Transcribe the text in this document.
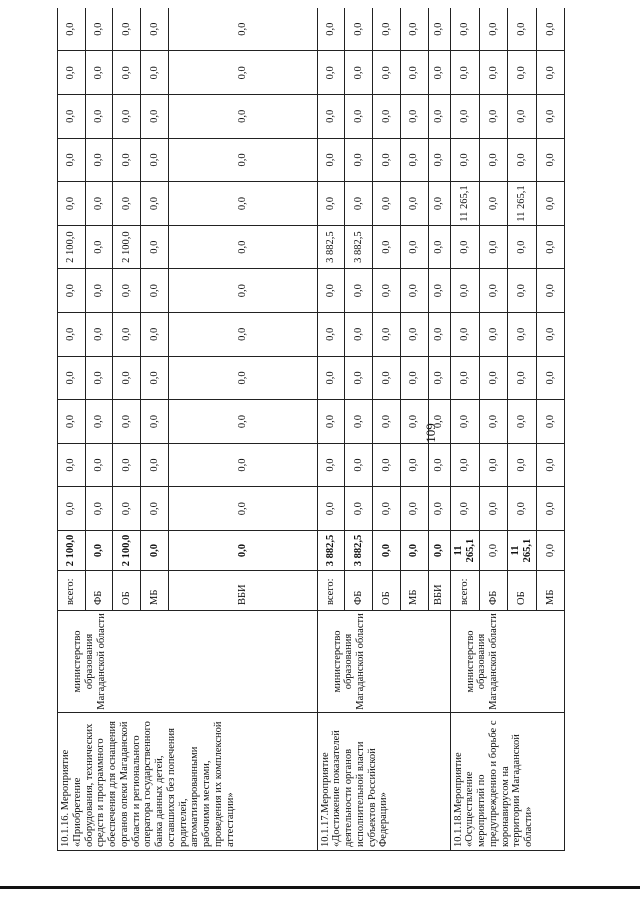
109
10.1.16. Мероприятие «Приобретение оборудования, технических средств и программного обеспечения для оснащения органов опеки Магаданской области и регионального оператора государственного банка данных детей, оставшихся без попечения родителей, автоматизированными рабочими местами, проведения их комплексной аттестации»	министерство образования Магаданской области	всего:	2 100,0	0,0	0,0	0,0	0,0	0,0	0,0	2 100,0	0,0	0,0	0,0	0,0	0,0
		ФБ	0,0	0,0	0,0	0,0	0,0	0,0	0,0	0,0	0,0	0,0	0,0	0,0	0,0
		ОБ	2 100,0	0,0	0,0	0,0	0,0	0,0	0,0	2 100,0	0,0	0,0	0,0	0,0	0,0
		МБ	0,0	0,0	0,0	0,0	0,0	0,0	0,0	0,0	0,0	0,0	0,0	0,0	0,0
		ВБИ	0,0	0,0	0,0	0,0	0,0	0,0	0,0	0,0	0,0	0,0	0,0	0,0	0,0
10.1.17.Мероприятие «Достижение показателей деятельности органов исполнительной власти субъектов Российской Федерации»	министерство образования Магаданской области	всего:	3 882,5	0,0	0,0	0,0	0,0	0,0	0,0	3 882,5	0,0	0,0	0,0	0,0	0,0
		ФБ	3 882,5	0,0	0,0	0,0	0,0	0,0	0,0	3 882,5	0,0	0,0	0,0	0,0	0,0
		ОБ	0,0	0,0	0,0	0,0	0,0	0,0	0,0	0,0	0,0	0,0	0,0	0,0	0,0
		МБ	0,0	0,0	0,0	0,0	0,0	0,0	0,0	0,0	0,0	0,0	0,0	0,0	0,0
		ВБИ	0,0	0,0	0,0	0,0	0,0	0,0	0,0	0,0	0,0	0,0	0,0	0,0	0,0
10.1.18.Мероприятие «Осуществление мероприятий по предупреждению и борьбе с коронавирусом на территории Магаданской области»	министерство образования Магаданской области	всего:	11 265,1	0,0	0,0	0,0	0,0	0,0	0,0	0,0	11 265,1	0,0	0,0	0,0	0,0
		ФБ	0,0	0,0	0,0	0,0	0,0	0,0	0,0	0,0	0,0	0,0	0,0	0,0	0,0
		ОБ	11 265,1	0,0	0,0	0,0	0,0	0,0	0,0	0,0	11 265,1	0,0	0,0	0,0	0,0
		МБ	0,0	0,0	0,0	0,0	0,0	0,0	0,0	0,0	0,0	0,0	0,0	0,0	0,0
